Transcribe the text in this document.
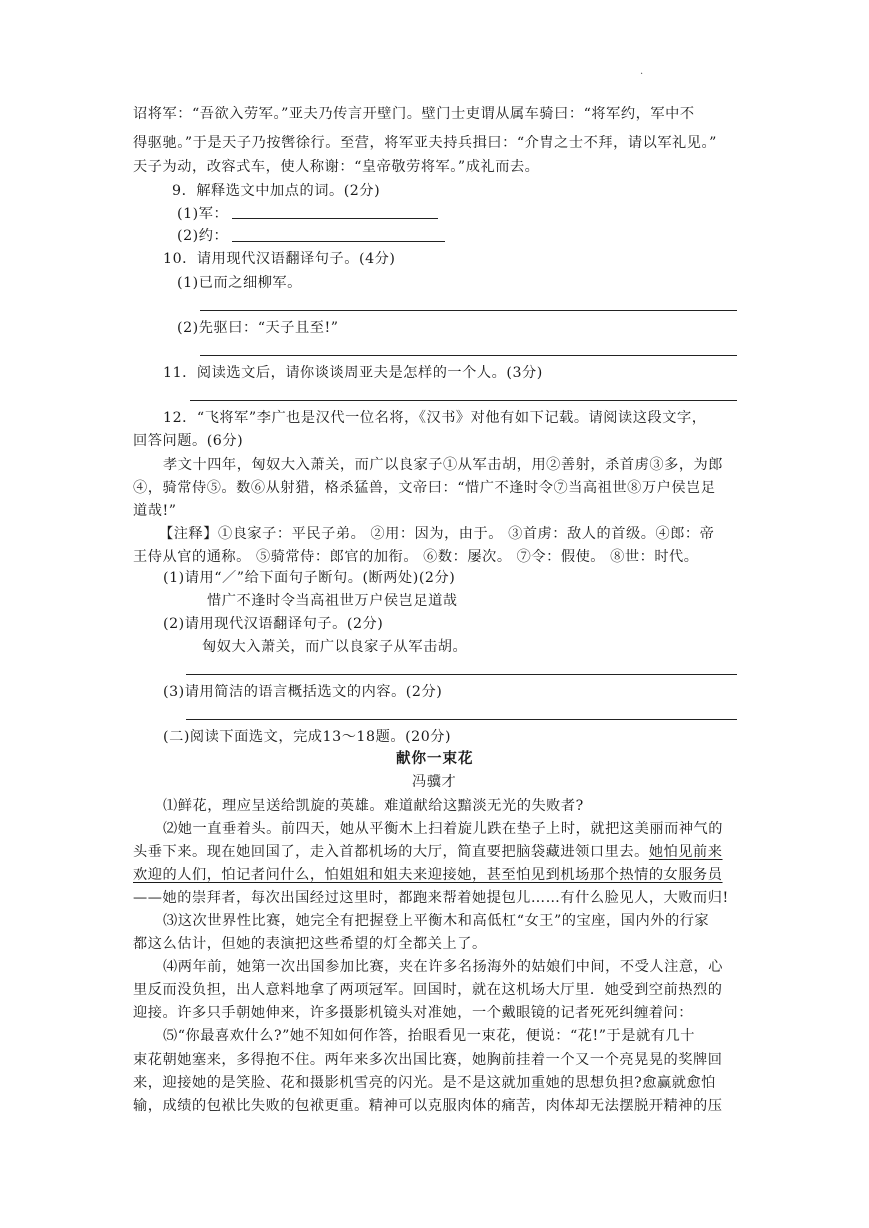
.
诏将军：“吾欲入劳军。”亚夫乃传言开壁门。壁门士吏谓从属车骑曰：“将军约，军中不
得驱驰。”于是天子乃按辔徐行。至营，将军亚夫持兵揖曰：“介胄之士不拜，请以军礼见。”
天子为动，改容式车，使人称谢：“皇帝敬劳将军。”成礼而去。
9．解释选文中加点的词。(2分)
(1)军：
(2)约：
10．请用现代汉语翻译句子。(4分)
(1)已而之细柳军。
(2)先驱曰：“天子且至!”
11．阅读选文后，请你谈谈周亚夫是怎样的一个人。(3分)
12．“飞将军”李广也是汉代一位名将，《汉书》对他有如下记载。请阅读这段文字，
回答问题。(6分)
孝文十四年，匈奴大入萧关，而广以良家子①从军击胡，用②善射，杀首虏③多，为郎
④，骑常侍⑤。数⑥从射猎，格杀猛兽，文帝曰：“惜广不逢时令⑦当高祖世⑧万户侯岂足
道哉!”
【注释】①良家子：平民子弟。 ②用：因为，由于。 ③首虏：敌人的首级。④郎：帝
王侍从官的通称。 ⑤骑常侍：郎官的加衔。 ⑥数：屡次。 ⑦令：假使。 ⑧世：时代。
(1)请用“／”给下面句子断句。(断两处)(2分)
惜广不逢时令当高祖世万户侯岂足道哉
(2)请用现代汉语翻译句子。(2分)
匈奴大入萧关，而广以良家子从军击胡。
(3)请用简洁的语言概括选文的内容。(2分)
(二)阅读下面选文，完成13～18题。(20分)
献你一束花
冯骥才
⑴鲜花，理应呈送给凯旋的英雄。难道献给这黯淡无光的失败者?
⑵她一直垂着头。前四天，她从平衡木上扫着旋儿跌在垫子上时，就把这美丽而神气的
头垂下来。现在她回国了，走入首都机场的大厅，简直要把脑袋藏进领口里去。她怕见前来
欢迎的人们，怕记者问什么，怕姐姐和姐夫来迎接她，甚至怕见到机场那个热情的女服务员
——她的崇拜者，每次出国经过这里时，都跑来帮着她提包儿……有什么脸见人，大败而归!
⑶这次世界性比赛，她完全有把握登上平衡木和高低杠“女王”的宝座，国内外的行家
都这么估计，但她的表演把这些希望的灯全都关上了。
⑷两年前，她第一次出国参加比赛，夹在许多名扬海外的姑娘们中间，不受人注意，心
里反而没负担，出人意料地拿了两项冠军。回国时，就在这机场大厅里．她受到空前热烈的
迎接。许多只手朝她伸来，许多摄影机镜头对准她，一个戴眼镜的记者死死纠缠着问：
⑸“你最喜欢什么?”她不知如何作答，抬眼看见一束花，便说：“花!”于是就有几十
束花朝她塞来，多得抱不住。两年来多次出国比赛，她胸前挂着一个又一个亮晃晃的奖牌回
来，迎接她的是笑脸、花和摄影机雪亮的闪光。是不是这就加重她的思想负担?愈赢就愈怕
输，成绩的包袱比失败的包袱更重。精神可以克服肉体的痛苦，肉体却无法摆脱开精神的压
